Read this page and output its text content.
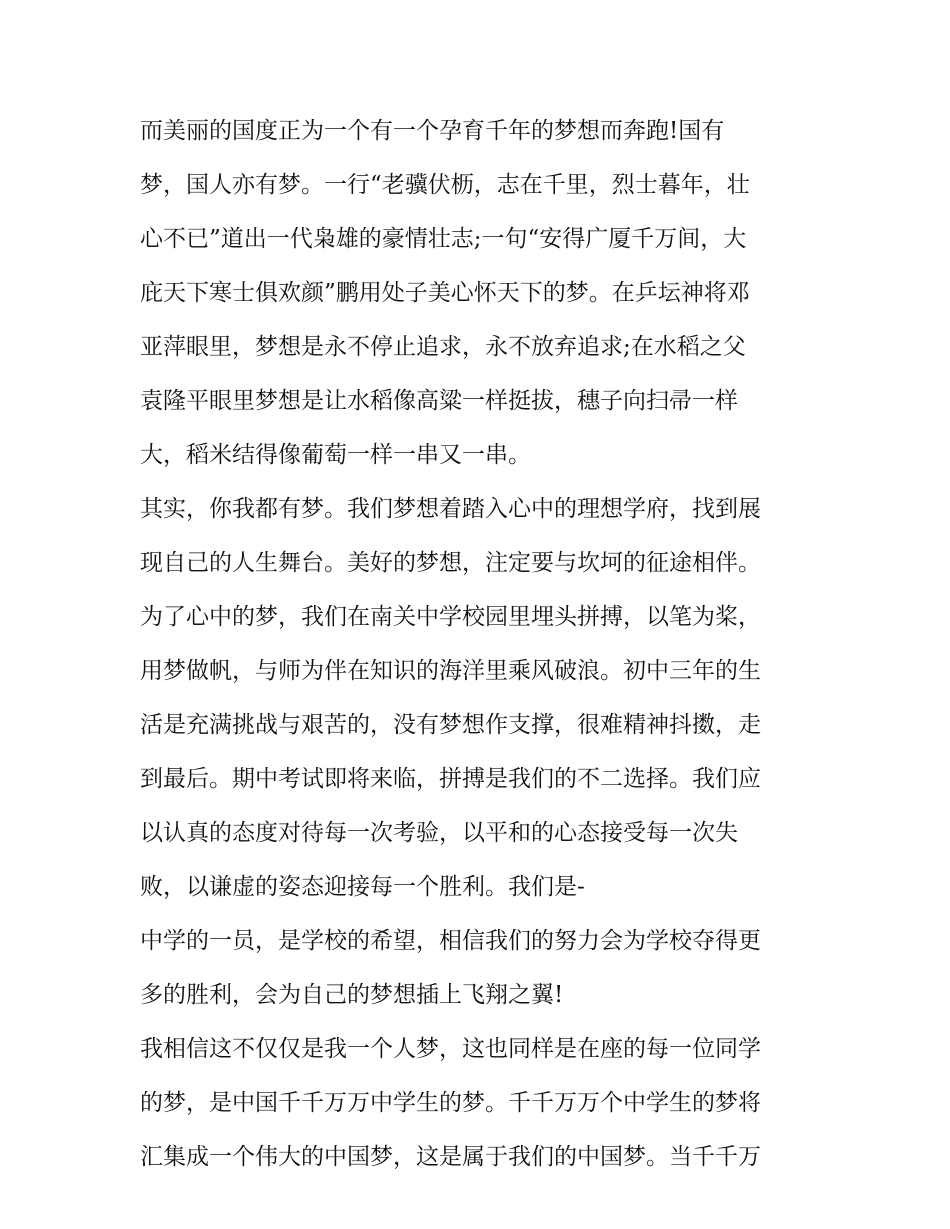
而美丽的国度正为一个有一个孕育千年的梦想而奔跑!国有
梦，国人亦有梦。一行“老骥伏枥，志在千里，烈士暮年，壮
心不已”道出一代枭雄的豪情壮志;一句“安得广厦千万间，大
庇天下寒士俱欢颜”鹏用处子美心怀天下的梦。在乒坛神将邓
亚萍眼里，梦想是永不停止追求，永不放弃追求;在水稻之父
袁隆平眼里梦想是让水稻像高粱一样挺拔，穗子向扫帚一样
大，稻米结得像葡萄一样一串又一串。
其实，你我都有梦。我们梦想着踏入心中的理想学府，找到展
现自己的人生舞台。美好的梦想，注定要与坎坷的征途相伴。
为了心中的梦，我们在南关中学校园里埋头拼搏，以笔为桨，
用梦做帆，与师为伴在知识的海洋里乘风破浪。初中三年的生
活是充满挑战与艰苦的，没有梦想作支撑，很难精神抖擞，走
到最后。期中考试即将来临，拼搏是我们的不二选择。我们应
以认真的态度对待每一次考验，以平和的心态接受每一次失
败，以谦虚的姿态迎接每一个胜利。我们是-
中学的一员，是学校的希望，相信我们的努力会为学校夺得更
多的胜利，会为自己的梦想插上飞翔之翼!
我相信这不仅仅是我一个人梦，这也同样是在座的每一位同学
的梦，是中国千千万万中学生的梦。千千万万个中学生的梦将
汇集成一个伟大的中国梦，这是属于我们的中国梦。当千千万
